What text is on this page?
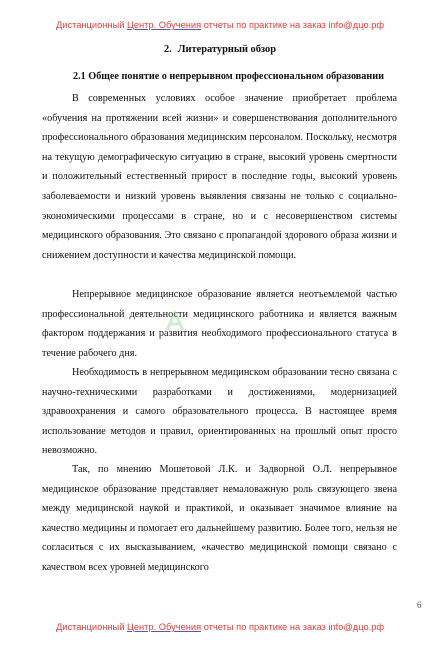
Дистанционный Центр. Обучения отчеты по практике на заказ info@дцо.рф
2. Литературный обзор
2.1 Общее понятие о непрерывном профессиональном образовании

В современных условиях особое значение приобретает проблема «обучения на протяжении всей жизни» и совершенствования дополнительного профессионального образования медицинским персоналом. Поскольку, несмотря на текущую демографическую ситуацию в стране, высокий уровень смертности и положительный естественный прирост в последние годы, высокий уровень заболеваемости и низкий уровень выявления связаны не только с социально-экономическими процессами в стране, но и с несовершенством системы медицинского образования. Это связано с пропагандой здорового образа жизни и снижением доступности и качества медицинской помощи.

Непрерывное медицинское образование является неотъемлемой частью профессиональной деятельности медицинского работника и является важным фактором поддержания и развития необходимого профессионального статуса в течение рабочего дня.

Необходимость в непрерывном медицинском образовании тесно связана с научно-техническими разработками и достижениями, модернизацией здравоохранения и самого образовательного процесса. В настоящее время использование методов и правил, ориентированных на прошлый опыт просто невозможно.

Так, по мнению Мошетовой Л.К. и Задворной О.Л. непрерывное медицинское образование представляет немаловажную роль связующего звена между медицинской наукой и практикой, и оказывает значимое влияние на качество медицины и помогает его дальнейшему развитию. Более того, нельзя не согласиться с их высказыванием, «качество медицинской помощи связано с качеством всех уровней медицинского

6
Дистанционный Центр. Обучения отчеты по практике на заказ info@дцо.рф
